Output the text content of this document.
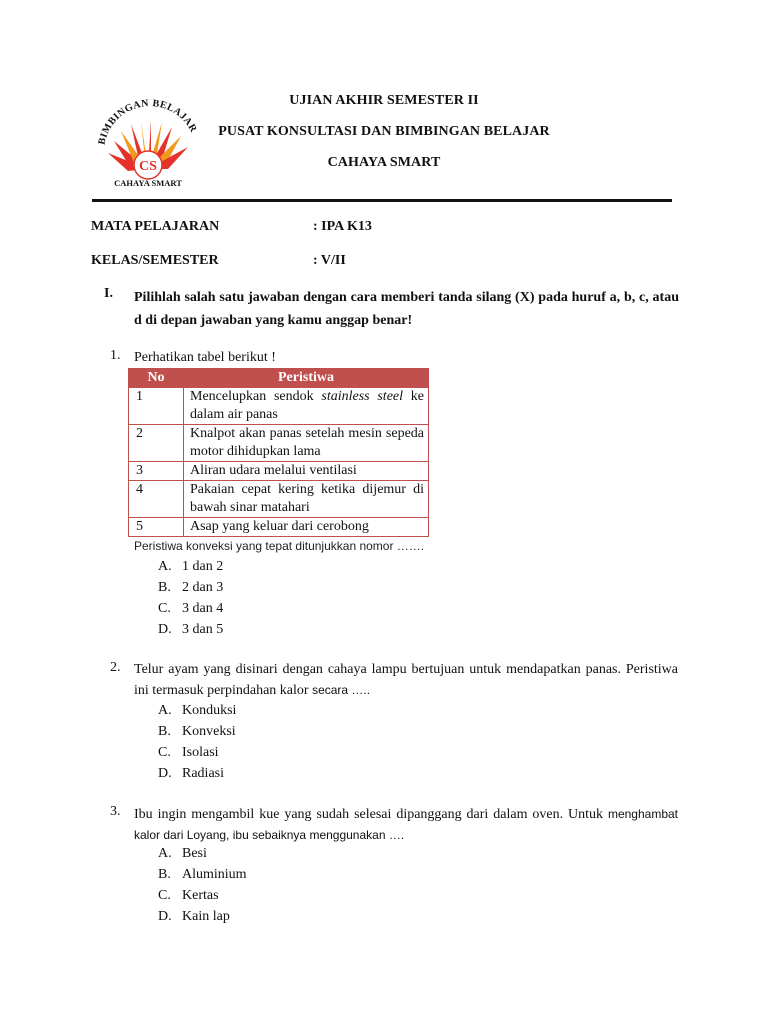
BIMBINGAN BELAJAR
CS
CAHAYA SMART
UJIAN AKHIR SEMESTER II
PUSAT KONSULTASI DAN BIMBINGAN BELAJAR
CAHAYA SMART
MATA PELAJARAN	: IPA K13
KELAS/SEMESTER	: V/II
I. Pilihlah salah satu jawaban dengan cara memberi tanda silang (X) pada huruf a, b, c, atau d di depan jawaban yang kamu anggap benar!
1. Perhatikan tabel berikut !
No	Peristiwa
1	Mencelupkan sendok stainless steel ke dalam air panas
2	Knalpot akan panas setelah mesin sepeda motor dihidupkan lama
3	Aliran udara melalui ventilasi
4	Pakaian cepat kering ketika dijemur di bawah sinar matahari
5	Asap yang keluar dari cerobong
Peristiwa konveksi yang tepat ditunjukkan nomor …….
A. 1 dan 2
B. 2 dan 3
C. 3 dan 4
D. 3 dan 5
2. Telur ayam yang disinari dengan cahaya lampu bertujuan untuk mendapatkan panas. Peristiwa ini termasuk perpindahan kalor secara …..
A. Konduksi
B. Konveksi
C. Isolasi
D. Radiasi
3. Ibu ingin mengambil kue yang sudah selesai dipanggang dari dalam oven. Untuk menghambat kalor dari Loyang, ibu sebaiknya menggunakan ….
A. Besi
B. Aluminium
C. Kertas
D. Kain lap
